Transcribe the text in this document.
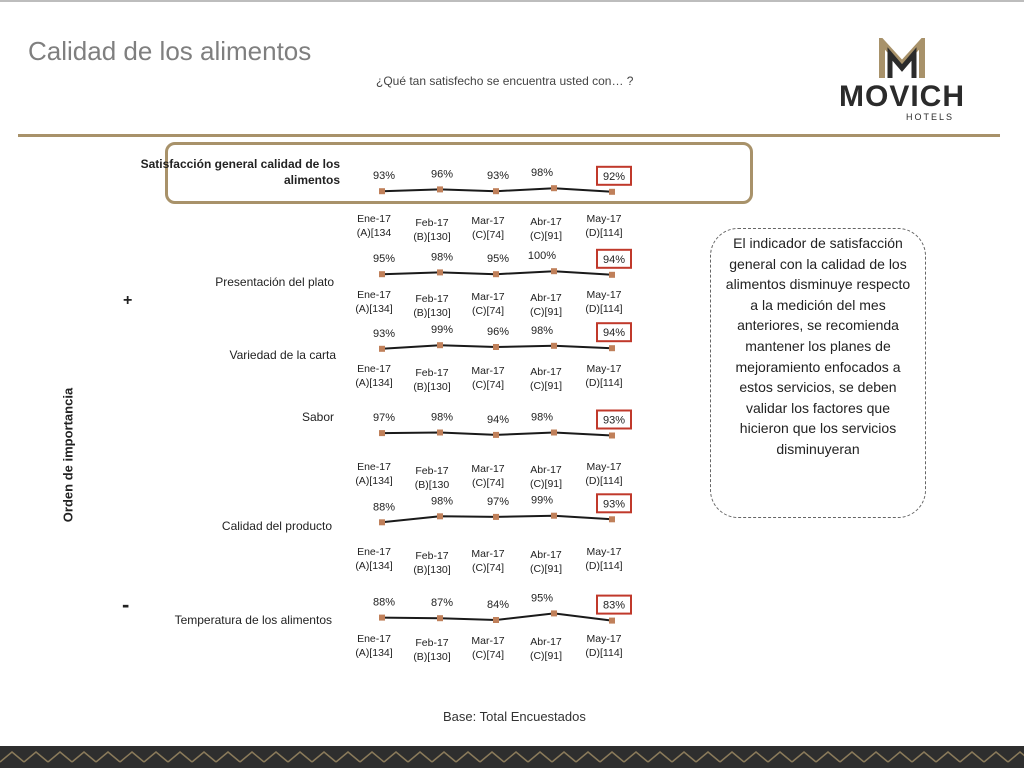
Calidad de los alimentos
¿Qué tan satisfecho se encuentra usted con… ?	MOVICH
HOTELS
93%
Ene-17
(A)[134
96%
Feb-17
(B)[130]
93%
Mar-17
(C)[74]
98%
Abr-17
(C)[91]
92%
May-17
(D)[114]
95%
Ene-17
(A)[134]
98%
Feb-17
(B)[130]
95%
Mar-17
(C)[74]
100%
Abr-17
(C)[91]
94%
May-17
(D)[114]
93%
Ene-17
(A)[134]
99%
Feb-17
(B)[130]
96%
Mar-17
(C)[74]
98%
Abr-17
(C)[91]
94%
May-17
(D)[114]
97%
Ene-17
(A)[134]
98%
Feb-17
(B)[130
94%
Mar-17
(C)[74]
98%
Abr-17
(C)[91]
93%
May-17
(D)[114]
88%
Ene-17
(A)[134]
98%
Feb-17
(B)[130]
97%
Mar-17
(C)[74]
99%
Abr-17
(C)[91]
93%
May-17
(D)[114]
88%
Ene-17
(A)[134]
87%
Feb-17
(B)[130]
84%
Mar-17
(C)[74]
95%
Abr-17
(C)[91]
83%
May-17
(D)[114]
Satisfacción general calidad de los alimentos
Presentación del plato
Variedad de la carta
Sabor
Calidad del producto
Temperatura de los alimentos
Orden de importancia
+
-
El indicador de satisfacción general con la calidad de los alimentos disminuye respecto a la medición del mes anteriores, se recomienda mantener los planes de mejoramiento enfocados a estos servicios, se deben validar los factores que hicieron que los servicios disminuyeran
Base: Total Encuestados
